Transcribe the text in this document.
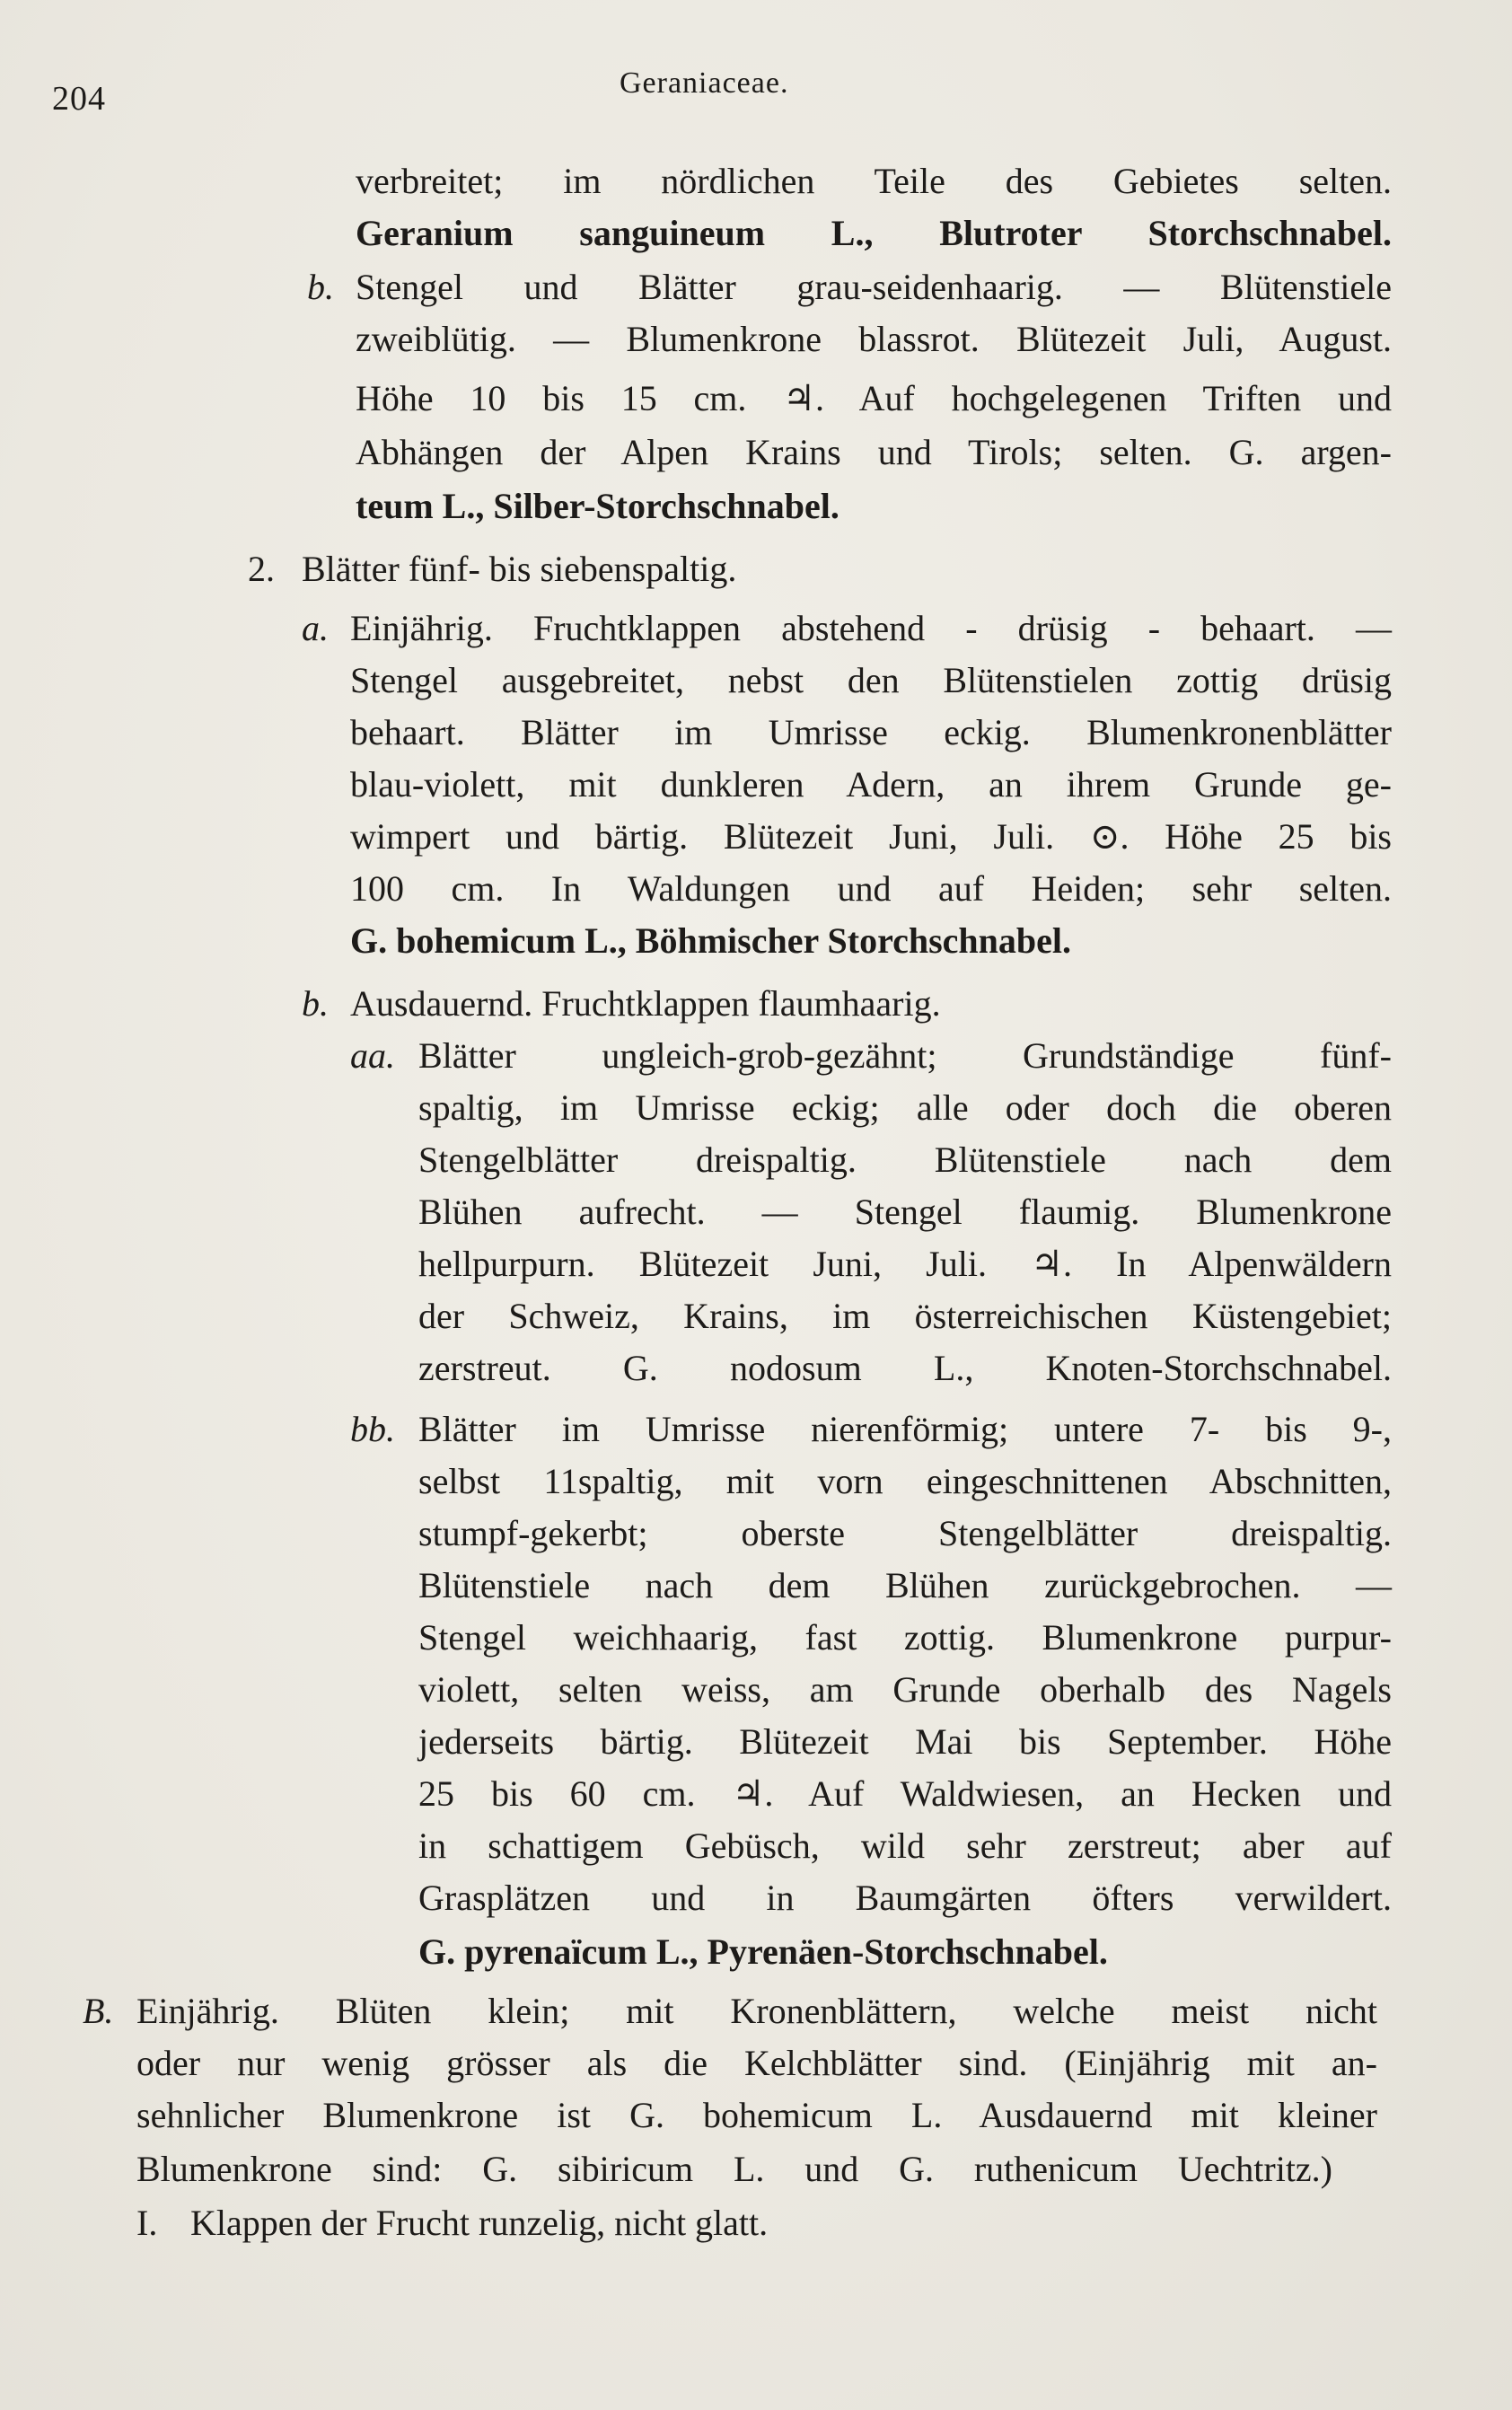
204	Geraniaceae.
verbreitet; im nördlichen Teile des Gebietes selten.
Geranium sanguineum L., Blutroter Storchschnabel.
b. Stengel und Blätter grau-seidenhaarig. — Blütenstiele
zweiblütig. — Blumenkrone blassrot. Blütezeit Juli, August.
Höhe 10 bis 15 cm. ♃. Auf hochgelegenen Triften und
Abhängen der Alpen Krains und Tirols; selten. G. argen-
teum L., Silber-Storchschnabel.
2. Blätter fünf- bis siebenspaltig.
a. Einjährig. Fruchtklappen abstehend - drüsig - behaart. —
Stengel ausgebreitet, nebst den Blütenstielen zottig drüsig
behaart. Blätter im Umrisse eckig. Blumenkronenblätter
blau-violett, mit dunkleren Adern, an ihrem Grunde ge-
wimpert und bärtig. Blütezeit Juni, Juli. ⊙. Höhe 25 bis
100 cm. In Waldungen und auf Heiden; sehr selten.
G. bohemicum L., Böhmischer Storchschnabel.
b. Ausdauernd. Fruchtklappen flaumhaarig.
aa. Blätter ungleich-grob-gezähnt; Grundständige fünf-
spaltig, im Umrisse eckig; alle oder doch die oberen
Stengelblätter dreispaltig. Blütenstiele nach dem
Blühen aufrecht. — Stengel flaumig. Blumenkrone
hellpurpurn. Blütezeit Juni, Juli. ♃. In Alpenwäldern
der Schweiz, Krains, im österreichischen Küstengebiet;
zerstreut. G. nodosum L., Knoten-Storchschnabel.
bb. Blätter im Umrisse nierenförmig; untere 7- bis 9-,
selbst 11spaltig, mit vorn eingeschnittenen Abschnitten,
stumpf-gekerbt; oberste Stengelblätter dreispaltig.
Blütenstiele nach dem Blühen zurückgebrochen. —
Stengel weichhaarig, fast zottig. Blumenkrone purpur-
violett, selten weiss, am Grunde oberhalb des Nagels
jederseits bärtig. Blütezeit Mai bis September. Höhe
25 bis 60 cm. ♃. Auf Waldwiesen, an Hecken und
in schattigem Gebüsch, wild sehr zerstreut; aber auf
Grasplätzen und in Baumgärten öfters verwildert.
G. pyrenaïcum L., Pyrenäen-Storchschnabel.
B. Einjährig. Blüten klein; mit Kronenblättern, welche meist nicht
oder nur wenig grösser als die Kelchblätter sind. (Einjährig mit an-
sehnlicher Blumenkrone ist G. bohemicum L. Ausdauernd mit kleiner
Blumenkrone sind: G. sibiricum L. und G. ruthenicum Uechtritz.)
I. Klappen der Frucht runzelig, nicht glatt.
